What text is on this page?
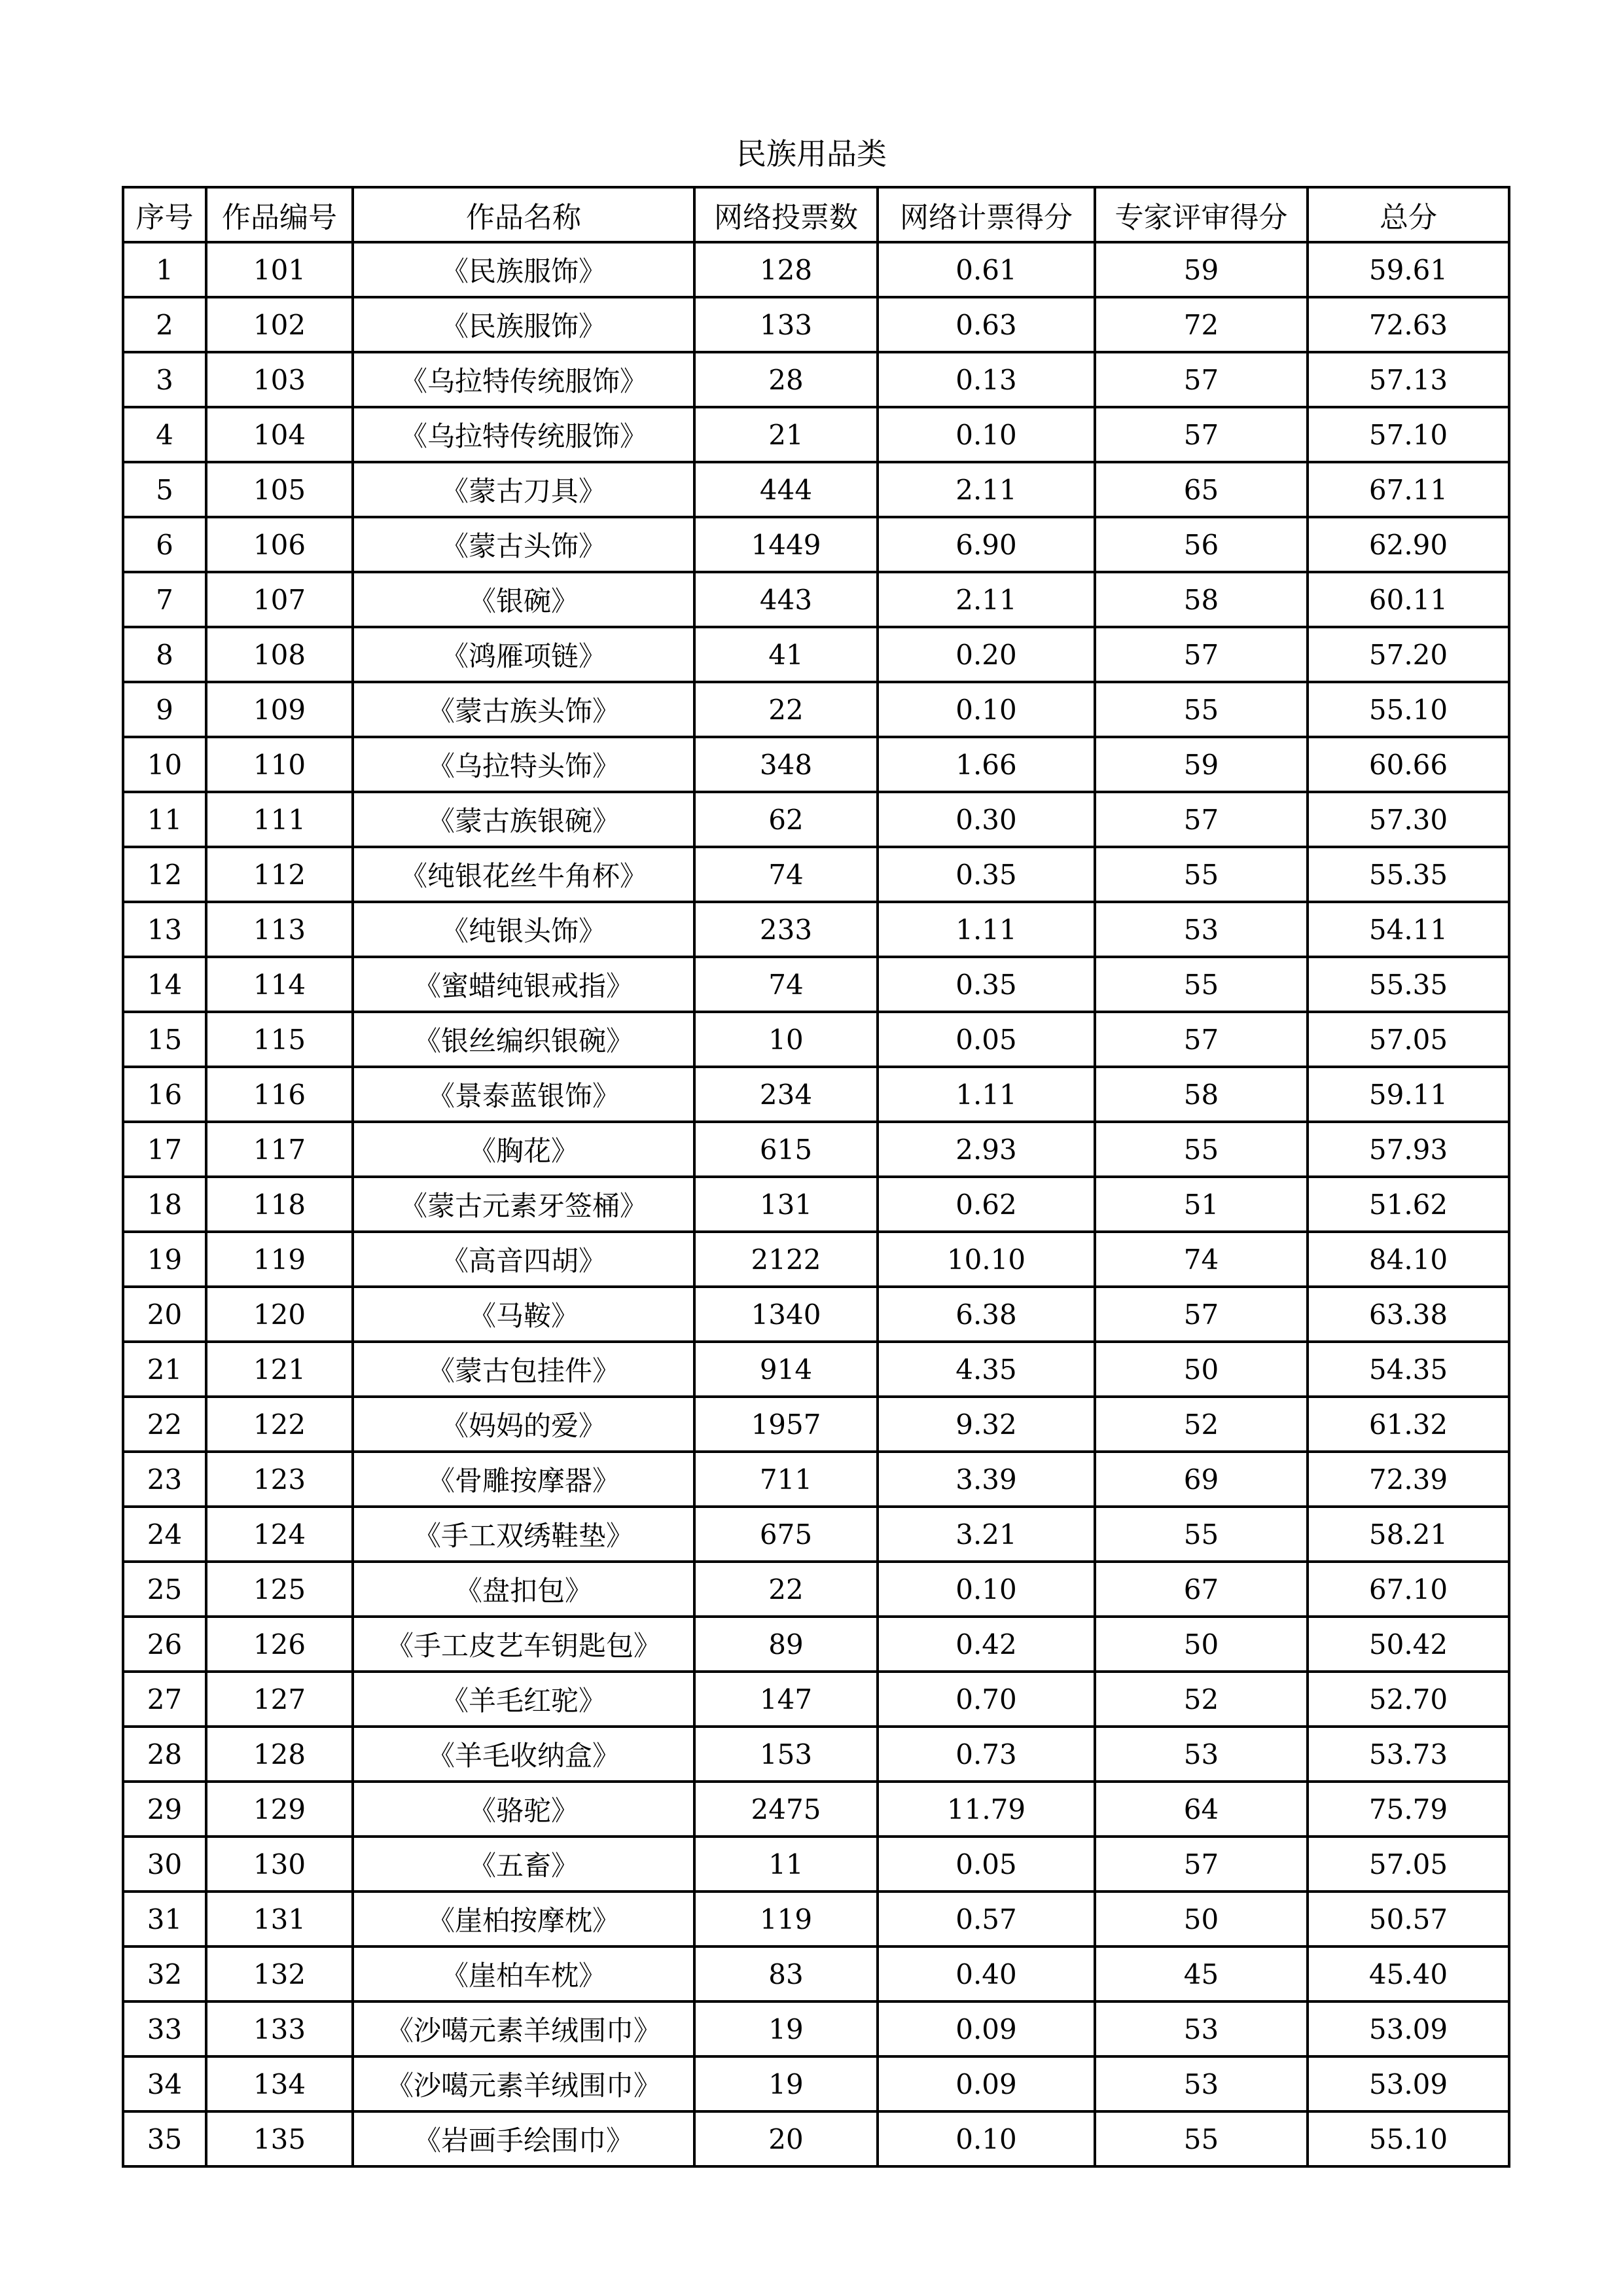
民族用品类
序号	作品编号	作品名称	网络投票数	网络计票得分	专家评审得分	总分
1	101	《民族服饰》	128	0.61	59	59.61
2	102	《民族服饰》	133	0.63	72	72.63
3	103	《乌拉特传统服饰》	28	0.13	57	57.13
4	104	《乌拉特传统服饰》	21	0.10	57	57.10
5	105	《蒙古刀具》	444	2.11	65	67.11
6	106	《蒙古头饰》	1449	6.90	56	62.90
7	107	《银碗》	443	2.11	58	60.11
8	108	《鸿雁项链》	41	0.20	57	57.20
9	109	《蒙古族头饰》	22	0.10	55	55.10
10	110	《乌拉特头饰》	348	1.66	59	60.66
11	111	《蒙古族银碗》	62	0.30	57	57.30
12	112	《纯银花丝牛角杯》	74	0.35	55	55.35
13	113	《纯银头饰》	233	1.11	53	54.11
14	114	《蜜蜡纯银戒指》	74	0.35	55	55.35
15	115	《银丝编织银碗》	10	0.05	57	57.05
16	116	《景泰蓝银饰》	234	1.11	58	59.11
17	117	《胸花》	615	2.93	55	57.93
18	118	《蒙古元素牙签桶》	131	0.62	51	51.62
19	119	《高音四胡》	2122	10.10	74	84.10
20	120	《马鞍》	1340	6.38	57	63.38
21	121	《蒙古包挂件》	914	4.35	50	54.35
22	122	《妈妈的爱》	1957	9.32	52	61.32
23	123	《骨雕按摩器》	711	3.39	69	72.39
24	124	《手工双绣鞋垫》	675	3.21	55	58.21
25	125	《盘扣包》	22	0.10	67	67.10
26	126	《手工皮艺车钥匙包》	89	0.42	50	50.42
27	127	《羊毛红驼》	147	0.70	52	52.70
28	128	《羊毛收纳盒》	153	0.73	53	53.73
29	129	《骆驼》	2475	11.79	64	75.79
30	130	《五畜》	11	0.05	57	57.05
31	131	《崖柏按摩枕》	119	0.57	50	50.57
32	132	《崖柏车枕》	83	0.40	45	45.40
33	133	《沙噶元素羊绒围巾》	19	0.09	53	53.09
34	134	《沙噶元素羊绒围巾》	19	0.09	53	53.09
35	135	《岩画手绘围巾》	20	0.10	55	55.10
